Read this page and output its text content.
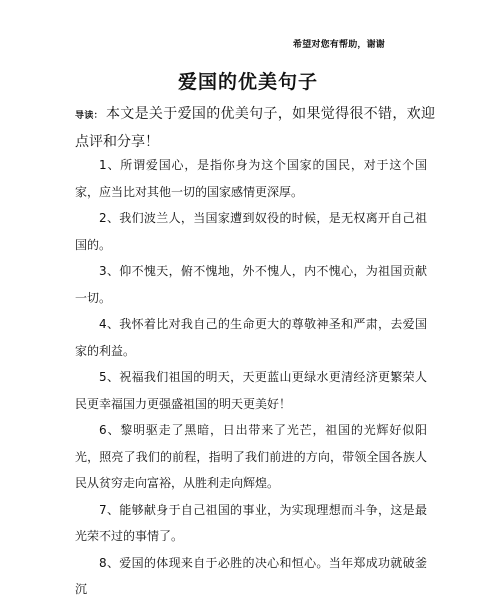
希望对您有帮助，谢谢
爱国的优美句子
导读： 本文是关于爱国的优美句子，如果觉得很不错，欢迎点评和分享！

1、所谓爱国心，是指你身为这个国家的国民，对于这个国家，应当比对其他一切的国家感情更深厚。

2、我们波兰人，当国家遭到奴役的时候，是无权离开自己祖国的。

3、仰不愧天，俯不愧地，外不愧人，内不愧心，为祖国贡献一切。

4、我怀着比对我自己的生命更大的尊敬神圣和严肃，去爱国家的利益。

5、祝福我们祖国的明天，天更蓝山更绿水更清经济更繁荣人民更幸福国力更强盛祖国的明天更美好！

6、黎明驱走了黑暗，日出带来了光芒，祖国的光辉好似阳光，照亮了我们的前程，指明了我们前进的方向，带领全国各族人民从贫穷走向富裕，从胜利走向辉煌。

7、能够献身于自己祖国的事业，为实现理想而斗争，这是最光荣不过的事情了。

8、爱国的体现来自于必胜的决心和恒心。当年郑成功就破釜沉
